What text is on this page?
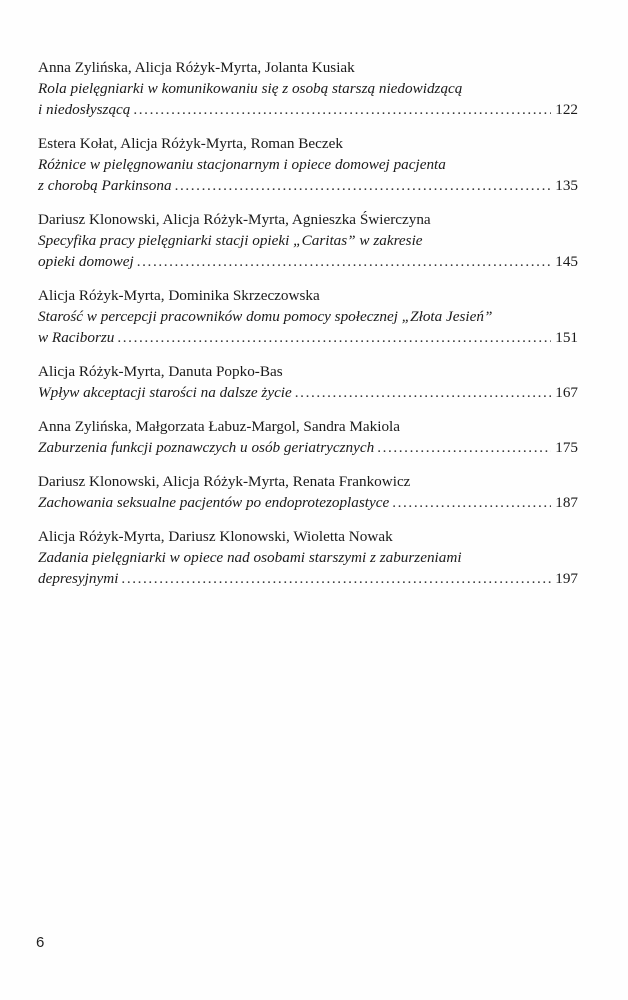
Anna Zylińska, Alicja Różyk-Myrta, Jolanta Kusiak
Rola pielęgniarki w komunikowaniu się z osobą starszą niedowidzącą
i niedosłyszącą .....	122
Estera Kołat, Alicja Różyk-Myrta, Roman Beczek
Różnice w pielęgnowaniu stacjonarnym i opiece domowej pacjenta
z chorobą Parkinsona .....	135
Dariusz Klonowski, Alicja Różyk-Myrta, Agnieszka Świerczyna
Specyfika pracy pielęgniarki stacji opieki „Caritas” w zakresie
opieki domowej .....	145
Alicja Różyk-Myrta, Dominika Skrzeczowska
Starość w percepcji pracowników domu pomocy społecznej „Złota Jesień”
w Raciborzu .....	151
Alicja Różyk-Myrta, Danuta Popko-Bas
Wpływ akceptacji starości na dalsze życie .....	167
Anna Zylińska, Małgorzata Łabuz-Margol, Sandra Makiola
Zaburzenia funkcji poznawczych u osób geriatrycznych .....	175
Dariusz Klonowski, Alicja Różyk-Myrta, Renata Frankowicz
Zachowania seksualne pacjentów po endoprotezoplastyce .....	187
Alicja Różyk-Myrta, Dariusz Klonowski, Wioletta Nowak
Zadania pielęgniarki w opiece nad osobami starszymi z zaburzeniami
depresyjnymi .....	197
6
